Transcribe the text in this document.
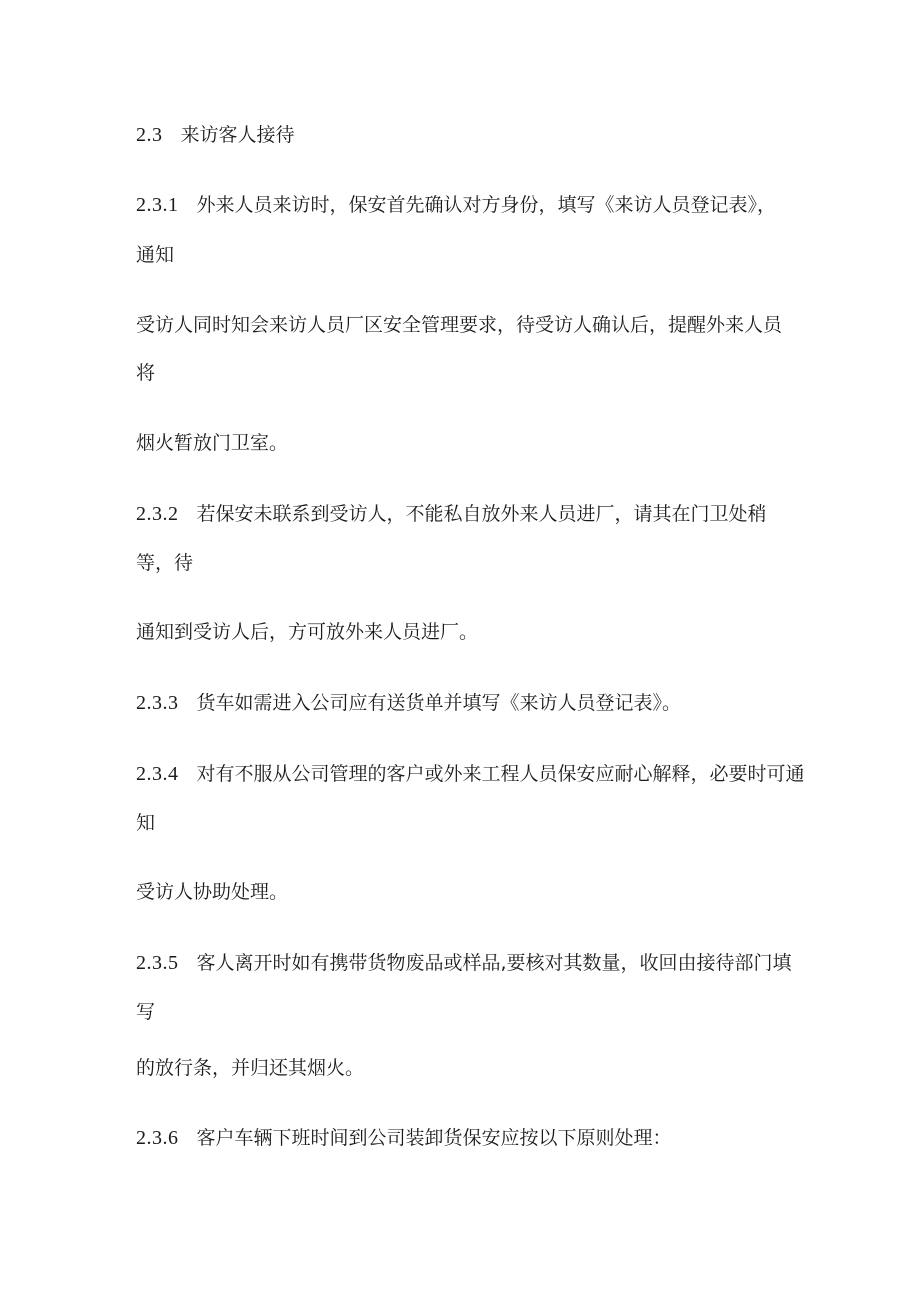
2.3 来访客人接待
2.3.1 外来人员来访时，保安首先确认对方身份，填写《来访人员登记表》，
通知
受访人同时知会来访人员厂区安全管理要求，待受访人确认后，提醒外来人员
将
烟火暂放门卫室。
2.3.2 若保安未联系到受访人，不能私自放外来人员进厂，请其在门卫处稍
等，待
通知到受访人后，方可放外来人员进厂。
2.3.3 货车如需进入公司应有送货单并填写《来访人员登记表》。
2.3.4 对有不服从公司管理的客户或外来工程人员保安应耐心解释，必要时可通
知
受访人协助处理。
2.3.5 客人离开时如有携带货物废品或样品,要核对其数量，收回由接待部门填
写
的放行条，并归还其烟火。
2.3.6 客户车辆下班时间到公司装卸货保安应按以下原则处理：
